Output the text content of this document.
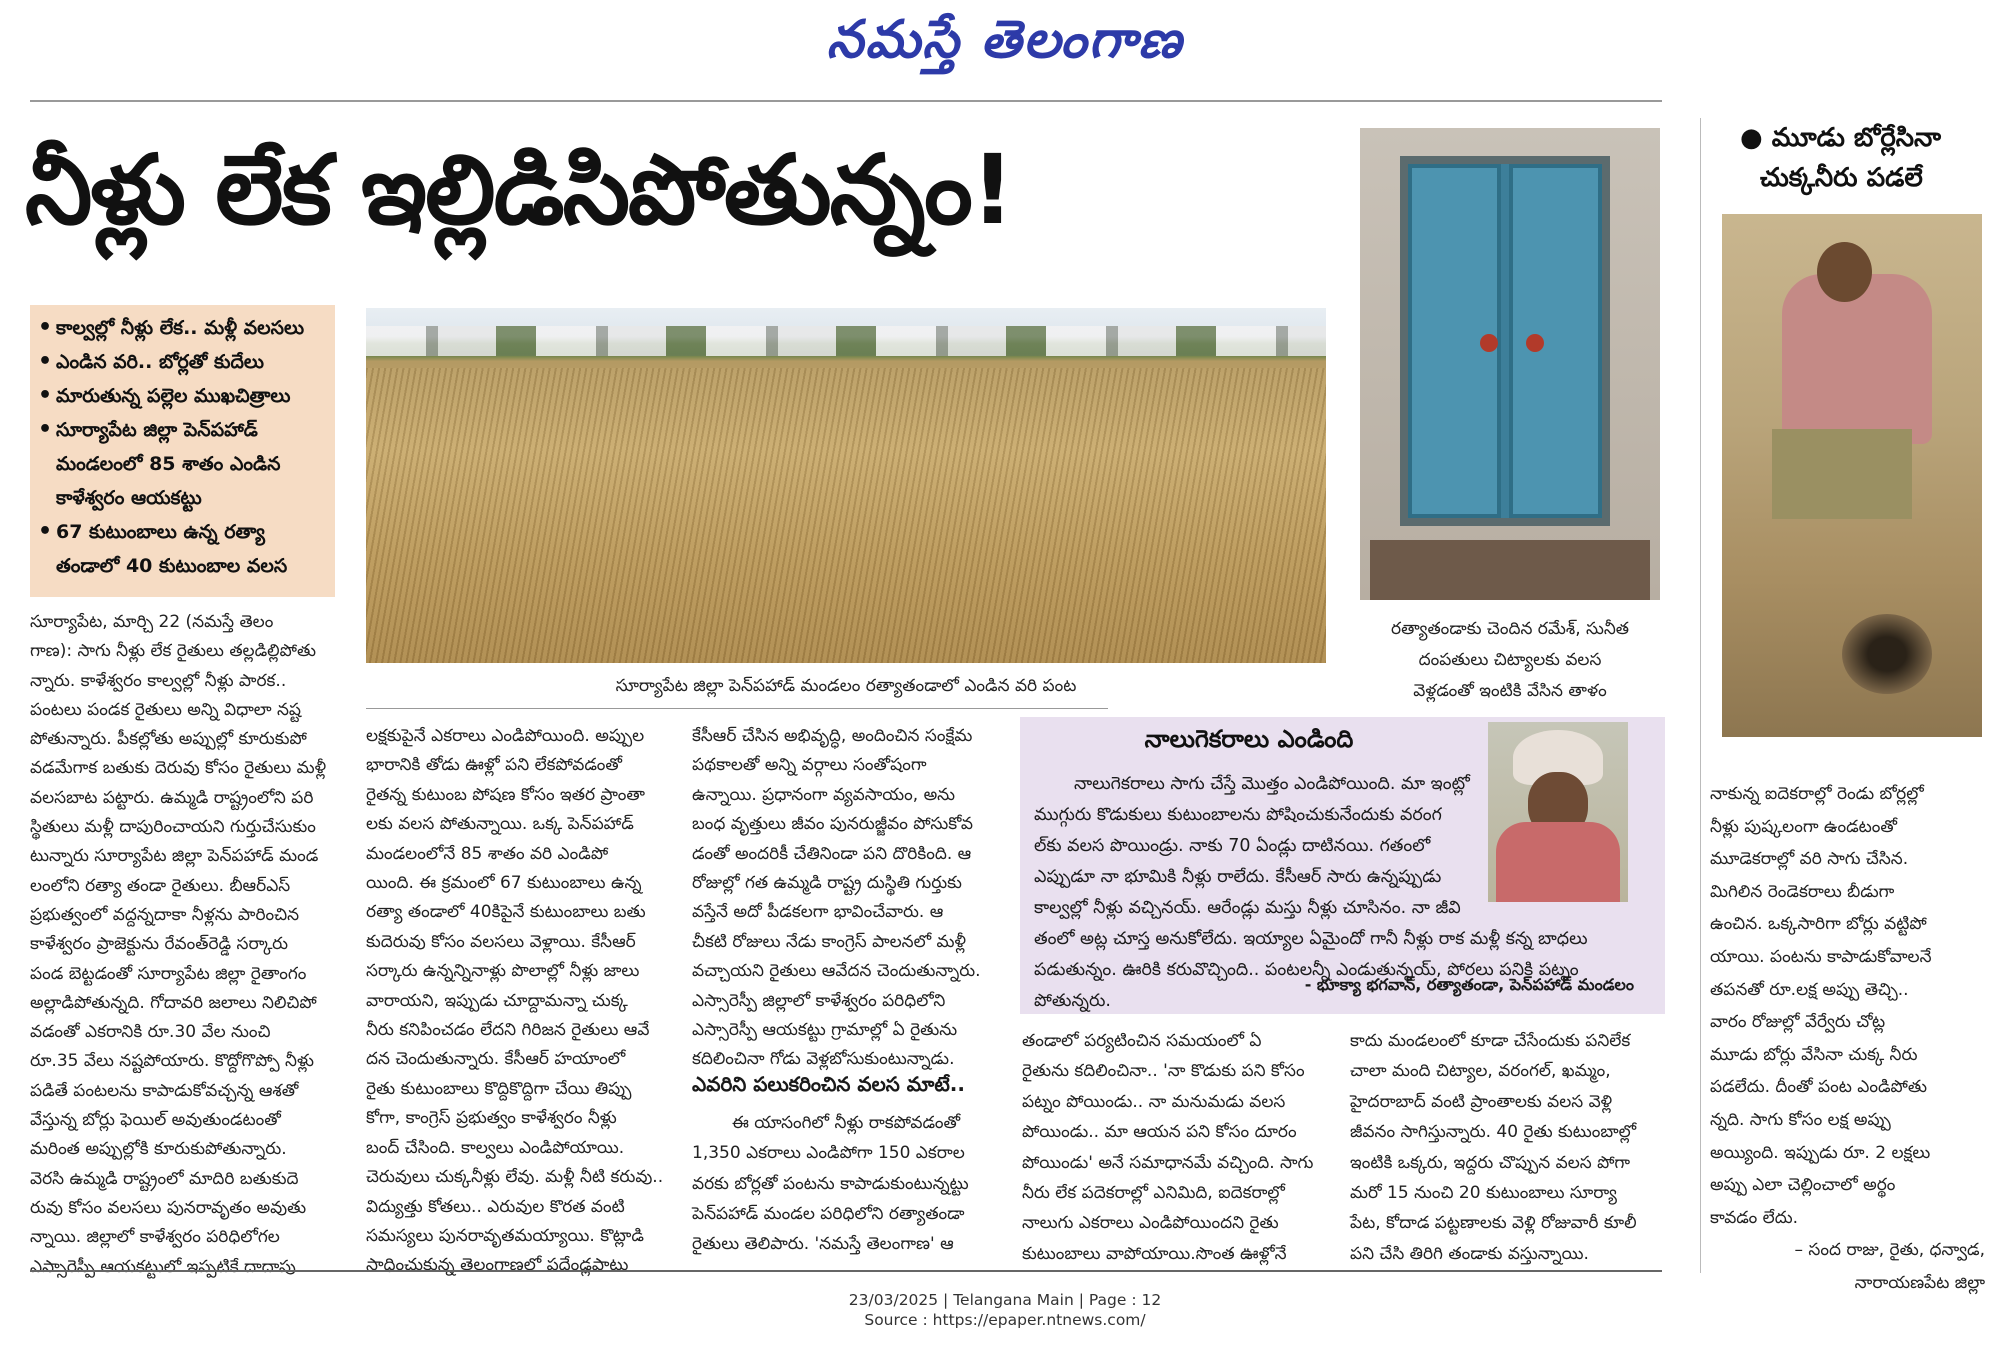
నమస్తే తెలంగాణ
నీళ్లు లేక ఇల్లిడిసిపోతున్నం!
• కాల్వల్లో నీళ్లు లేక.. మళ్లీ వలసలు
• ఎండిన వరి.. బోర్లతో కుదేలు
• మారుతున్న పల్లెల ముఖచిత్రాలు
• సూర్యాపేట జిల్లా పెన్‌పహాడ్ మండలంలో 85 శాతం ఎండిన కాళేశ్వరం ఆయకట్టు
• 67 కుటుంబాలు ఉన్న రత్యా తండాలో 40 కుటుంబాల వలస
సూర్యాపేట జిల్లా పెన్‌పహాడ్ మండలం రత్యాతండాలో ఎండిన వరి పంట
రత్యాతండాకు చెందిన రమేశ్, సునీత
దంపతులు చిట్యాలకు వలస
వెళ్లడంతో ఇంటికి వేసిన తాళం
● మూడు బోర్లేసినా
చుక్కనీరు పడలే
నాకున్న ఐదెకరాల్లో రెండు బోర్లల్లో
నీళ్లు పుష్కలంగా ఉండటంతో
మూడెకరాల్లో వరి సాగు చేసిన.
మిగిలిన రెండెకరాలు బీడుగా
ఉంచిన. ఒక్కసారిగా బోర్లు వట్టిపో
యాయి. పంటను కాపాడుకోవాలనే
తపనతో రూ.లక్ష అప్పు తెచ్చి..
వారం రోజుల్లో వేర్వేరు చోట్ల
మూడు బోర్లు వేసినా చుక్క నీరు
పడలేదు. దీంతో పంట ఎండిపోతు
న్నది. సాగు కోసం లక్ష అప్పు
అయ్యింది. ఇప్పుడు రూ. 2 లక్షలు
అప్పు ఎలా చెల్లించాలో అర్థం
కావడం లేదు.
– సంద రాజు, రైతు, ధన్వాడ,
నారాయణపేట జిల్లా
సూర్యాపేట, మార్చి 22 (నమస్తే తెలం
గాణ): సాగు నీళ్లు లేక రైతులు తల్లడిల్లిపోతు
న్నారు. కాళేశ్వరం కాల్వల్లో నీళ్లు పారక..
పంటలు పండక రైతులు అన్ని విధాలా నష్ట
పోతున్నారు. పీకల్లోతు అప్పుల్లో కూరుకుపో
వడమేగాక బతుకు దెరువు కోసం రైతులు మళ్లీ
వలసబాట పట్టారు. ఉమ్మడి రాష్ట్రంలోని పరి
స్థితులు మళ్లీ దాపురించాయని గుర్తుచేసుకుం
టున్నారు సూర్యాపేట జిల్లా పెన్‌పహాడ్ మండ
లంలోని రత్యా తండా రైతులు. బీఆర్‌ఎస్
ప్రభుత్వంలో వద్దన్నదాకా నీళ్లను పారించిన
కాళేశ్వరం ప్రాజెక్టును రేవంత్‌రెడ్డి సర్కారు
పండ బెట్టడంతో సూర్యాపేట జిల్లా రైతాంగం
అల్లాడిపోతున్నది. గోదావరి జలాలు నిలిచిపో
వడంతో ఎకరానికి రూ.30 వేల నుంచి
రూ.35 వేలు నష్టపోయారు. కొద్దోగొప్పో నీళ్లు
పడితే పంటలను కాపాడుకోవచ్చన్న ఆశతో
వేస్తున్న బోర్లు ఫెయిల్ అవుతుండటంతో
మరింత అప్పుల్లోకి కూరుకుపోతున్నారు.
వెరసి ఉమ్మడి రాష్ట్రంలో మాదిరి బతుకుదె
రువు కోసం వలసలు పునరావృతం అవుతు
న్నాయి. జిల్లాలో కాళేశ్వరం పరిధిలోగల
ఎస్సారెస్పీ ఆయకట్టులో ఇప్పటికే దాదాపు
లక్షకుపైనే ఎకరాలు ఎండిపోయింది. అప్పుల
భారానికి తోడు ఊళ్లో పని లేకపోవడంతో
రైతన్న కుటుంబ పోషణ కోసం ఇతర ప్రాంతా
లకు వలస పోతున్నాయి. ఒక్క పెన్‌పహాడ్
మండలంలోనే 85 శాతం వరి ఎండిపో
యింది. ఈ క్రమంలో 67 కుటుంబాలు ఉన్న
రత్యా తండాలో 40కిపైనే కుటుంబాలు బతు
కుదెరువు కోసం వలసలు వెళ్లాయి. కేసీఆర్
సర్కారు ఉన్నన్నినాళ్లు పొలాల్లో నీళ్లు జాలు
వారాయని, ఇప్పుడు చూద్దామన్నా చుక్క
నీరు కనిపించడం లేదని గిరిజన రైతులు ఆవే
దన చెందుతున్నారు. కేసీఆర్ హయాంలో
రైతు కుటుంబాలు కొద్దికొద్దిగా చేయి తిప్పు
కోగా, కాంగ్రెస్ ప్రభుత్వం కాళేశ్వరం నీళ్లు
బంద్ చేసింది. కాల్వలు ఎండిపోయాయి.
చెరువులు చుక్కనీళ్లు లేవు. మళ్లీ నీటి కరువు..
విద్యుత్తు కోతలు.. ఎరువుల కొరత వంటి
సమస్యలు పునరావృతమయ్యాయి. కొట్లాడి
సాధించుకున్న తెలంగాణలో పదేండ్లపాటు
కేసీఆర్ చేసిన అభివృద్ధి, అందించిన సంక్షేమ
పథకాలతో అన్ని వర్గాలు సంతోషంగా
ఉన్నాయి. ప్రధానంగా వ్యవసాయం, అను
బంధ వృత్తులు జీవం పునరుజ్జీవం పోసుకోవ
డంతో అందరికీ చేతినిండా పని దొరికింది. ఆ
రోజుల్లో గత ఉమ్మడి రాష్ట్ర దుస్థితి గుర్తుకు
వస్తేనే అదో పీడకలగా భావించేవారు. ఆ
చీకటి రోజులు నేడు కాంగ్రెస్ పాలనలో మళ్లీ
వచ్చాయని రైతులు ఆవేదన చెందుతున్నారు.
ఎస్సారెస్పీ జిల్లాలో కాళేశ్వరం పరిధిలోని
ఎస్సారెస్పీ ఆయకట్టు గ్రామాల్లో ఏ రైతును
కదిలించినా గోడు వెళ్లబోసుకుంటున్నాడు.
ఎవరిని పలుకరించిన వలస మాటే..
ఈ యాసంగిలో నీళ్లు రాకపోవడంతో
1,350 ఎకరాలు ఎండిపోగా 150 ఎకరాల
వరకు బోర్లతో పంటను కాపాడుకుంటున్నట్టు
పెన్‌పహాడ్ మండల పరిధిలోని రత్యాతండా
రైతులు తెలిపారు. 'నమస్తే తెలంగాణ' ఆ
నాలుగెకరాలు ఎండింది
నాలుగెకరాలు సాగు చేస్తే మొత్తం ఎండిపోయింది. మా ఇంట్లో
ముగ్గురు కొడుకులు కుటుంబాలను పోషించుకునేందుకు వరంగ
ల్‌కు వలస పొయిండ్రు. నాకు 70 ఏండ్లు దాటినయి. గతంలో
ఎప్పుడూ నా భూమికి నీళ్లు రాలేదు. కేసీఆర్ సారు ఉన్నప్పుడు
కాల్వల్లో నీళ్లు వచ్చినయ్. ఆరేండ్లు మస్తు నీళ్లు చూసినం. నా జీవి
తంలో అట్ల చూస్త అనుకోలేదు. ఇయ్యాల ఏమైందో గానీ నీళ్లు రాక మళ్లీ కన్న బాధలు
పడుతున్నం. ఊరికి కరువొచ్చింది.. పంటలన్నీ ఎండుతున్నయ్, పోరలు పనికి పట్నం
పోతున్నరు.
- భూక్యా భగవాన్, రత్యాతండా, పెన్‌పహాడ్ మండలం
తండాలో పర్యటించిన సమయంలో ఏ
రైతును కదిలించినా.. 'నా కొడుకు పని కోసం
పట్నం పోయిండు.. నా మనుమడు వలస
పోయిండు.. మా ఆయన పని కోసం దూరం
పోయిండు' అనే సమాధానమే వచ్చింది. సాగు
నీరు లేక పదెకరాల్లో ఎనిమిది, ఐదెకరాల్లో
నాలుగు ఎకరాలు ఎండిపోయిందని రైతు
కుటుంబాలు వాపోయాయి.సొంత ఊళ్లోనే
కాదు మండలంలో కూడా చేసేందుకు పనిలేక
చాలా మంది చిట్యాల, వరంగల్, ఖమ్మం,
హైదరాబాద్ వంటి ప్రాంతాలకు వలస వెళ్లి
జీవనం సాగిస్తున్నారు. 40 రైతు కుటుంబాల్లో
ఇంటికి ఒక్కరు, ఇద్దరు చొప్పున వలస పోగా
మరో 15 నుంచి 20 కుటుంబాలు సూర్యా
పేట, కోదాడ పట్టణాలకు వెళ్లి రోజువారీ కూలీ
పని చేసి తిరిగి తండాకు వస్తున్నాయి.
23/03/2025 | Telangana Main | Page : 12
Source : https://epaper.ntnews.com/
